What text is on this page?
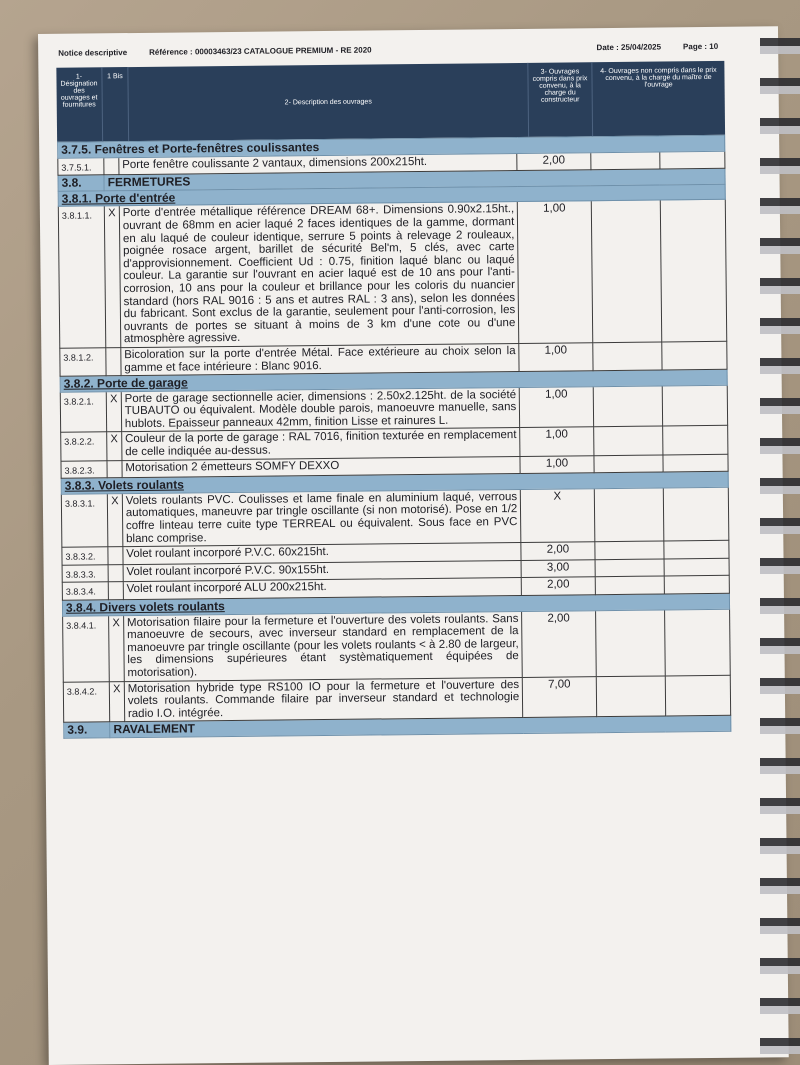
Notice descriptive	Référence : 00003463/23 CATALOGUE PREMIUM - RE 2020	Date : 25/04/2025	Page : 10
1- Désignation des ouvrages et fournitures
1 Bis
2- Description des ouvrages
3- Ouvrages compris dans prix convenu, à la charge du constructeur
4- Ouvrages non compris dans le prix convenu, à la charge du maître de l'ouvrage
3.7.5. Fenêtres et Porte-fenêtres coulissantes					
3.7.5.1.		Porte fenêtre coulissante 2 vantaux, dimensions 200x215ht.	2,00		
3.8.	FERMETURES				
3.8.1. Porte d'entrée					
3.8.1.1.	X	Porte d'entrée métallique référence DREAM 68+. Dimensions 0.90x2.15ht., ouvrant de 68mm en acier laqué 2 faces identiques de la gamme, dormant en alu laqué de couleur identique, serrure 5 points à relevage 2 rouleaux, poignée rosace argent, barillet de sécurité Bel'm, 5 clés, avec carte d'approvisionnement. Coefficient Ud : 0.75, finition laqué blanc ou laqué couleur. La garantie sur l'ouvrant en acier laqué est de 10 ans pour l'anti-corrosion, 10 ans pour la couleur et brillance pour les coloris du nuancier standard (hors RAL 9016 : 5 ans et autres RAL : 3 ans), selon les données du fabricant. Sont exclus de la garantie, seulement pour l'anti-corrosion, les ouvrants de portes se situant à moins de 3 km d'une cote ou d'une atmosphère agressive.	1,00		
3.8.1.2.		Bicoloration sur la porte d'entrée Métal. Face extérieure au choix selon la gamme et face intérieure : Blanc 9016.	1,00		
3.8.2. Porte de garage					
3.8.2.1.	X	Porte de garage sectionnelle acier, dimensions : 2.50x2.125ht. de la société TUBAUTO ou équivalent. Modèle double parois, manoeuvre manuelle, sans hublots. Epaisseur panneaux 42mm, finition Lisse et rainures L.	1,00		
3.8.2.2.	X	Couleur de la porte de garage : RAL 7016, finition texturée en remplacement de celle indiquée au-dessus.	1,00		
3.8.2.3.		Motorisation 2 émetteurs SOMFY DEXXO	1,00		
3.8.3. Volets roulants					
3.8.3.1.	X	Volets roulants PVC. Coulisses et lame finale en aluminium laqué, verrous automatiques, maneuvre par tringle oscillante (si non motorisé). Pose en 1/2 coffre linteau terre cuite type TERREAL ou équivalent. Sous face en PVC blanc comprise.	X		
3.8.3.2.		Volet roulant incorporé P.V.C. 60x215ht.	2,00		
3.8.3.3.		Volet roulant incorporé P.V.C. 90x155ht.	3,00		
3.8.3.4.		Volet roulant incorporé ALU 200x215ht.	2,00		
3.8.4. Divers volets roulants					
3.8.4.1.	X	Motorisation filaire pour la fermeture et l'ouverture des volets roulants. Sans manoeuvre de secours, avec inverseur standard en remplacement de la manoeuvre par tringle oscillante (pour les volets roulants < à 2.80 de largeur, les dimensions supérieures étant systèmatiquement équipées de motorisation).	2,00		
3.8.4.2.	X	Motorisation hybride type RS100 IO pour la fermeture et l'ouverture des volets roulants. Commande filaire par inverseur standard et technologie radio I.O. intégrée.	7,00		
3.9.	RAVALEMENT				
